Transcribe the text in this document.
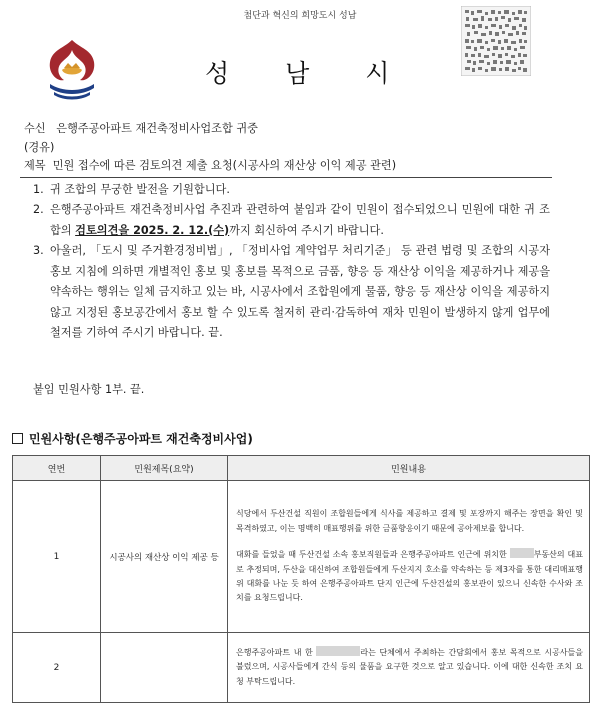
첨단과 혁신의 희망도시 성남
성 남 시
수신 은행주공아파트 재건축정비사업조합 귀중
(경유)
제목 민원 접수에 따른 검토의견 제출 요청(시공사의 재산상 이익 제공 관련)
1. 귀 조합의 무궁한 발전을 기원합니다.
2. 은행주공아파트 재건축정비사업 추진과 관련하여 붙임과 같이 민원이 접수되었으니 민원에 대한 귀 조합의 검토의견을 2025. 2. 12.(수)까지 회신하여 주시기 바랍니다.
3. 아울러, 「도시 및 주거환경정비법」, 「정비사업 계약업무 처리기준」 등 관련 법령 및 조합의 시공자 홍보 지침에 의하면 개별적인 홍보 및 홍보를 목적으로 금품, 향응 등 재산상 이익을 제공하거나 제공을 약속하는 행위는 일체 금지하고 있는 바, 시공사에서 조합원에게 물품, 향응 등 재산상 이익을 제공하지 않고 지정된 홍보공간에서 홍보 할 수 있도록 철저히 관리·감독하여 재차 민원이 발생하지 않게 업무에 철저를 기하여 주시기 바랍니다. 끝.
붙임 민원사항 1부. 끝.
민원사항(은행주공아파트 재건축정비사업)
연번	민원제목(요약)	민원내용
1	시공사의 재산상 이익 제공 등	식당에서 두산건설 직원이 조합원들에게 식사를 제공하고 결제 및 포장까지 해주는 장면을 확인 및 목격하였고, 이는 명백히 매표행위를 위한 금품향응이기 때문에 공아제보를 합니다.

대화를 들었을 때 두산건설 소속 홍보직원들과 은행주공아파트 인근에 위치한 부동산의 대표로 추정되며, 두산을 대신하여 조합원들에게 두산지지 호소를 약속하는 등 제3자를 통한 대리매표행위 대화를 나눈 듯 하여 은행주공아파트 단지 인근에 두산건설의 홍보관이 있으니 신속한 수사와 조치를 요청드립니다.

2		은행주공아파트 내 한 라는 단체에서 주최하는 간담회에서 홍보 목적으로 시공사들을 불렀으며, 시공사들에게 간식 등의 물품을 요구한 것으로 알고 있습니다. 이에 대한 신속한 조치 요청 부탁드립니다.
